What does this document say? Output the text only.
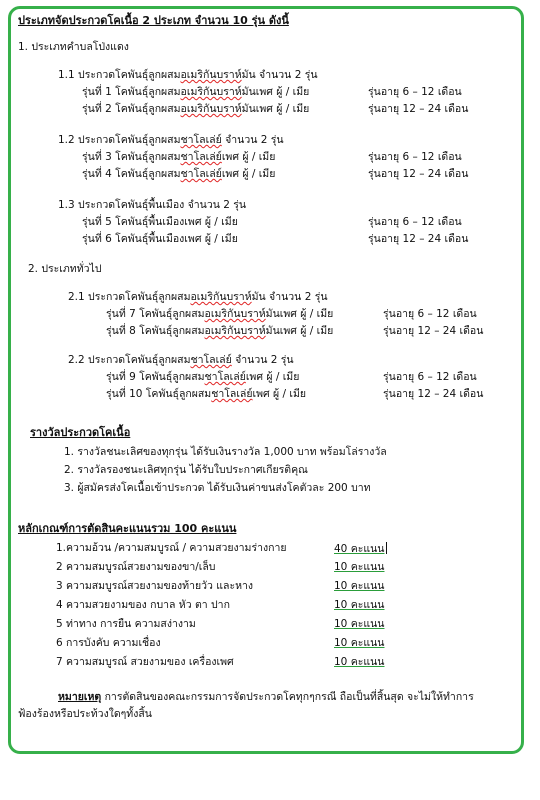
ประเภทจัดประกวดโคเนื้อ 2 ประเภท จำนวน 10 รุ่น ดังนี้
1. ประเภทคำบลโป่งแดง
1.1 ประกวดโคพันธุ์ลูกผสมอเมริกันบราห์มัน จำนวน 2 รุ่น
รุ่นที่ 1 โคพันธุ์ลูกผสมอเมริกันบราห์มันเพศ ผู้ / เมีย	รุ่นอายุ 6 – 12 เดือน
รุ่นที่ 2 โคพันธุ์ลูกผสมอเมริกันบราห์มันเพศ ผู้ / เมีย	รุ่นอายุ 12 – 24 เดือน
1.2 ประกวดโคพันธุ์ลูกผสมชาโลเล่ย์ จำนวน 2 รุ่น
รุ่นที่ 3 โคพันธุ์ลูกผสมชาโลเล่ย์เพศ ผู้ / เมีย	รุ่นอายุ 6 – 12 เดือน
รุ่นที่ 4 โคพันธุ์ลูกผสมชาโลเล่ย์เพศ ผู้ / เมีย	รุ่นอายุ 12 – 24 เดือน
1.3 ประกวดโคพันธุ์พื้นเมือง จำนวน 2 รุ่น
รุ่นที่ 5 โคพันธุ์พื้นเมืองเพศ ผู้ / เมีย	รุ่นอายุ 6 – 12 เดือน
รุ่นที่ 6 โคพันธุ์พื้นเมืองเพศ ผู้ / เมีย	รุ่นอายุ 12 – 24 เดือน
2. ประเภททั่วไป
2.1 ประกวดโคพันธุ์ลูกผสมอเมริกันบราห์มัน จำนวน 2 รุ่น
รุ่นที่ 7 โคพันธุ์ลูกผสมอเมริกันบราห์มันเพศ ผู้ / เมีย	รุ่นอายุ 6 – 12 เดือน
รุ่นที่ 8 โคพันธุ์ลูกผสมอเมริกันบราห์มันเพศ ผู้ / เมีย	รุ่นอายุ 12 – 24 เดือน
2.2 ประกวดโคพันธุ์ลูกผสมชาโลเล่ย์ จำนวน 2 รุ่น
รุ่นที่ 9 โคพันธุ์ลูกผสมชาโลเล่ย์เพศ ผู้ / เมีย	รุ่นอายุ 6 – 12 เดือน
รุ่นที่ 10 โคพันธุ์ลูกผสมชาโลเล่ย์เพศ ผู้ / เมีย	รุ่นอายุ 12 – 24 เดือน
รางวัลประกวดโคเนื้อ
1. รางวัลชนะเลิศของทุกรุ่น ได้รับเงินรางวัล 1,000 บาท พร้อมโล่รางวัล
2. รางวัลรองชนะเลิศทุกรุ่น ได้รับใบประกาศเกียรติคุณ
3. ผู้สมัครส่งโคเนื้อเข้าประกวด ได้รับเงินค่าขนส่งโคตัวละ 200 บาท
หลักเกณฑ์การตัดสินคะแนนรวม 100 คะแนน
1.ความอ้วน /ความสมบูรณ์ / ความสวยงามร่างกาย	40 คะแนน
2 ความสมบูรณ์สวยงามของขา/เล็บ	10 คะแนน
3 ความสมบูรณ์สวยงามของท้ายวัว และหาง	10 คะแนน
4 ความสวยงามของ กบาล หัว ตา ปาก	10 คะแนน
5 ท่าทาง การยืน ความสง่างาม	10 คะแนน
6 การบังคับ ความเชื่อง	10 คะแนน
7 ความสมบูรณ์ สวยงามของ เครื่องเพศ	10 คะแนน
หมายเหตุ การตัดสินของคณะกรรมการจัดประกวดโคทุกๆกรณี ถือเป็นที่สิ้นสุด จะไม่ให้ทำการ
ฟ้องร้องหรือประท้วงใดๆทั้งสิ้น
